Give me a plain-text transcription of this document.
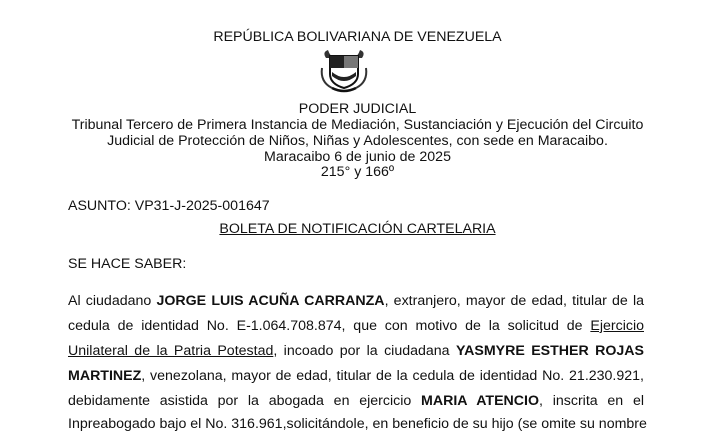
REPÚBLICA BOLIVARIANA DE VENEZUELA
PODER JUDICIAL
Tribunal Tercero de Primera Instancia de Mediación, Sustanciación y Ejecución del Circuito
Judicial de Protección de Niños, Niñas y Adolescentes, con sede en Maracaibo.
Maracaibo 6 de junio de 2025
215° y 166º
ASUNTO: VP31-J-2025-001647
BOLETA DE NOTIFICACIÓN CARTELARIA
SE HACE SABER:
Al ciudadano JORGE LUIS ACUÑA CARRANZA, extranjero, mayor de edad, titular de la
cedula de identidad No. E-1.064.708.874, que con motivo de la solicitud de Ejercicio
Unilateral de la Patria Potestad, incoado por la ciudadana YASMYRE ESTHER ROJAS
MARTINEZ, venezolana, mayor de edad, titular de la cedula de identidad No. 21.230.921,
debidamente asistida por la abogada en ejercicio MARIA ATENCIO, inscrita en el
Inpreabogado bajo el No. 316.961,solicitándole, en beneficio de su hijo (se omite su nombre
